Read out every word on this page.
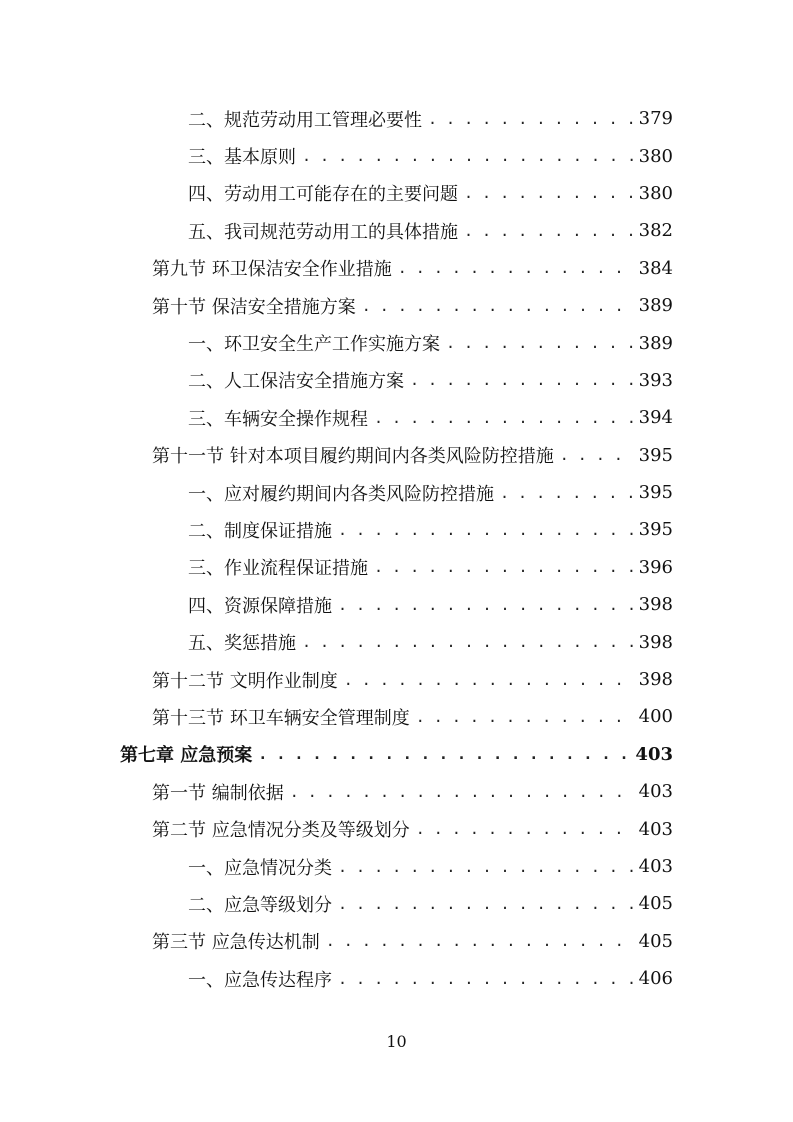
二、规范劳动用工管理必要性 . . .	379
三、基本原则 . . .	380
四、劳动用工可能存在的主要问题 . . .	380
五、我司规范劳动用工的具体措施 . . .	382
第九节 环卫保洁安全作业措施 . . .	384
第十节 保洁安全措施方案 . . .	389
一、环卫安全生产工作实施方案 . . .	389
二、人工保洁安全措施方案 . . .	393
三、车辆安全操作规程 . . .	394
第十一节 针对本项目履约期间内各类风险防控措施 . . .	395
一、应对履约期间内各类风险防控措施 . . .	395
二、制度保证措施 . . .	395
三、作业流程保证措施 . . .	396
四、资源保障措施 . . .	398
五、奖惩措施 . . .	398
第十二节 文明作业制度 . . .	398
第十三节 环卫车辆安全管理制度 . . .	400
第七章 应急预案 . . .	403
第一节 编制依据 . . .	403
第二节 应急情况分类及等级划分 . . .	403
一、应急情况分类 . . .	403
二、应急等级划分 . . .	405
第三节 应急传达机制 . . .	405
一、应急传达程序 . . .	406
10
